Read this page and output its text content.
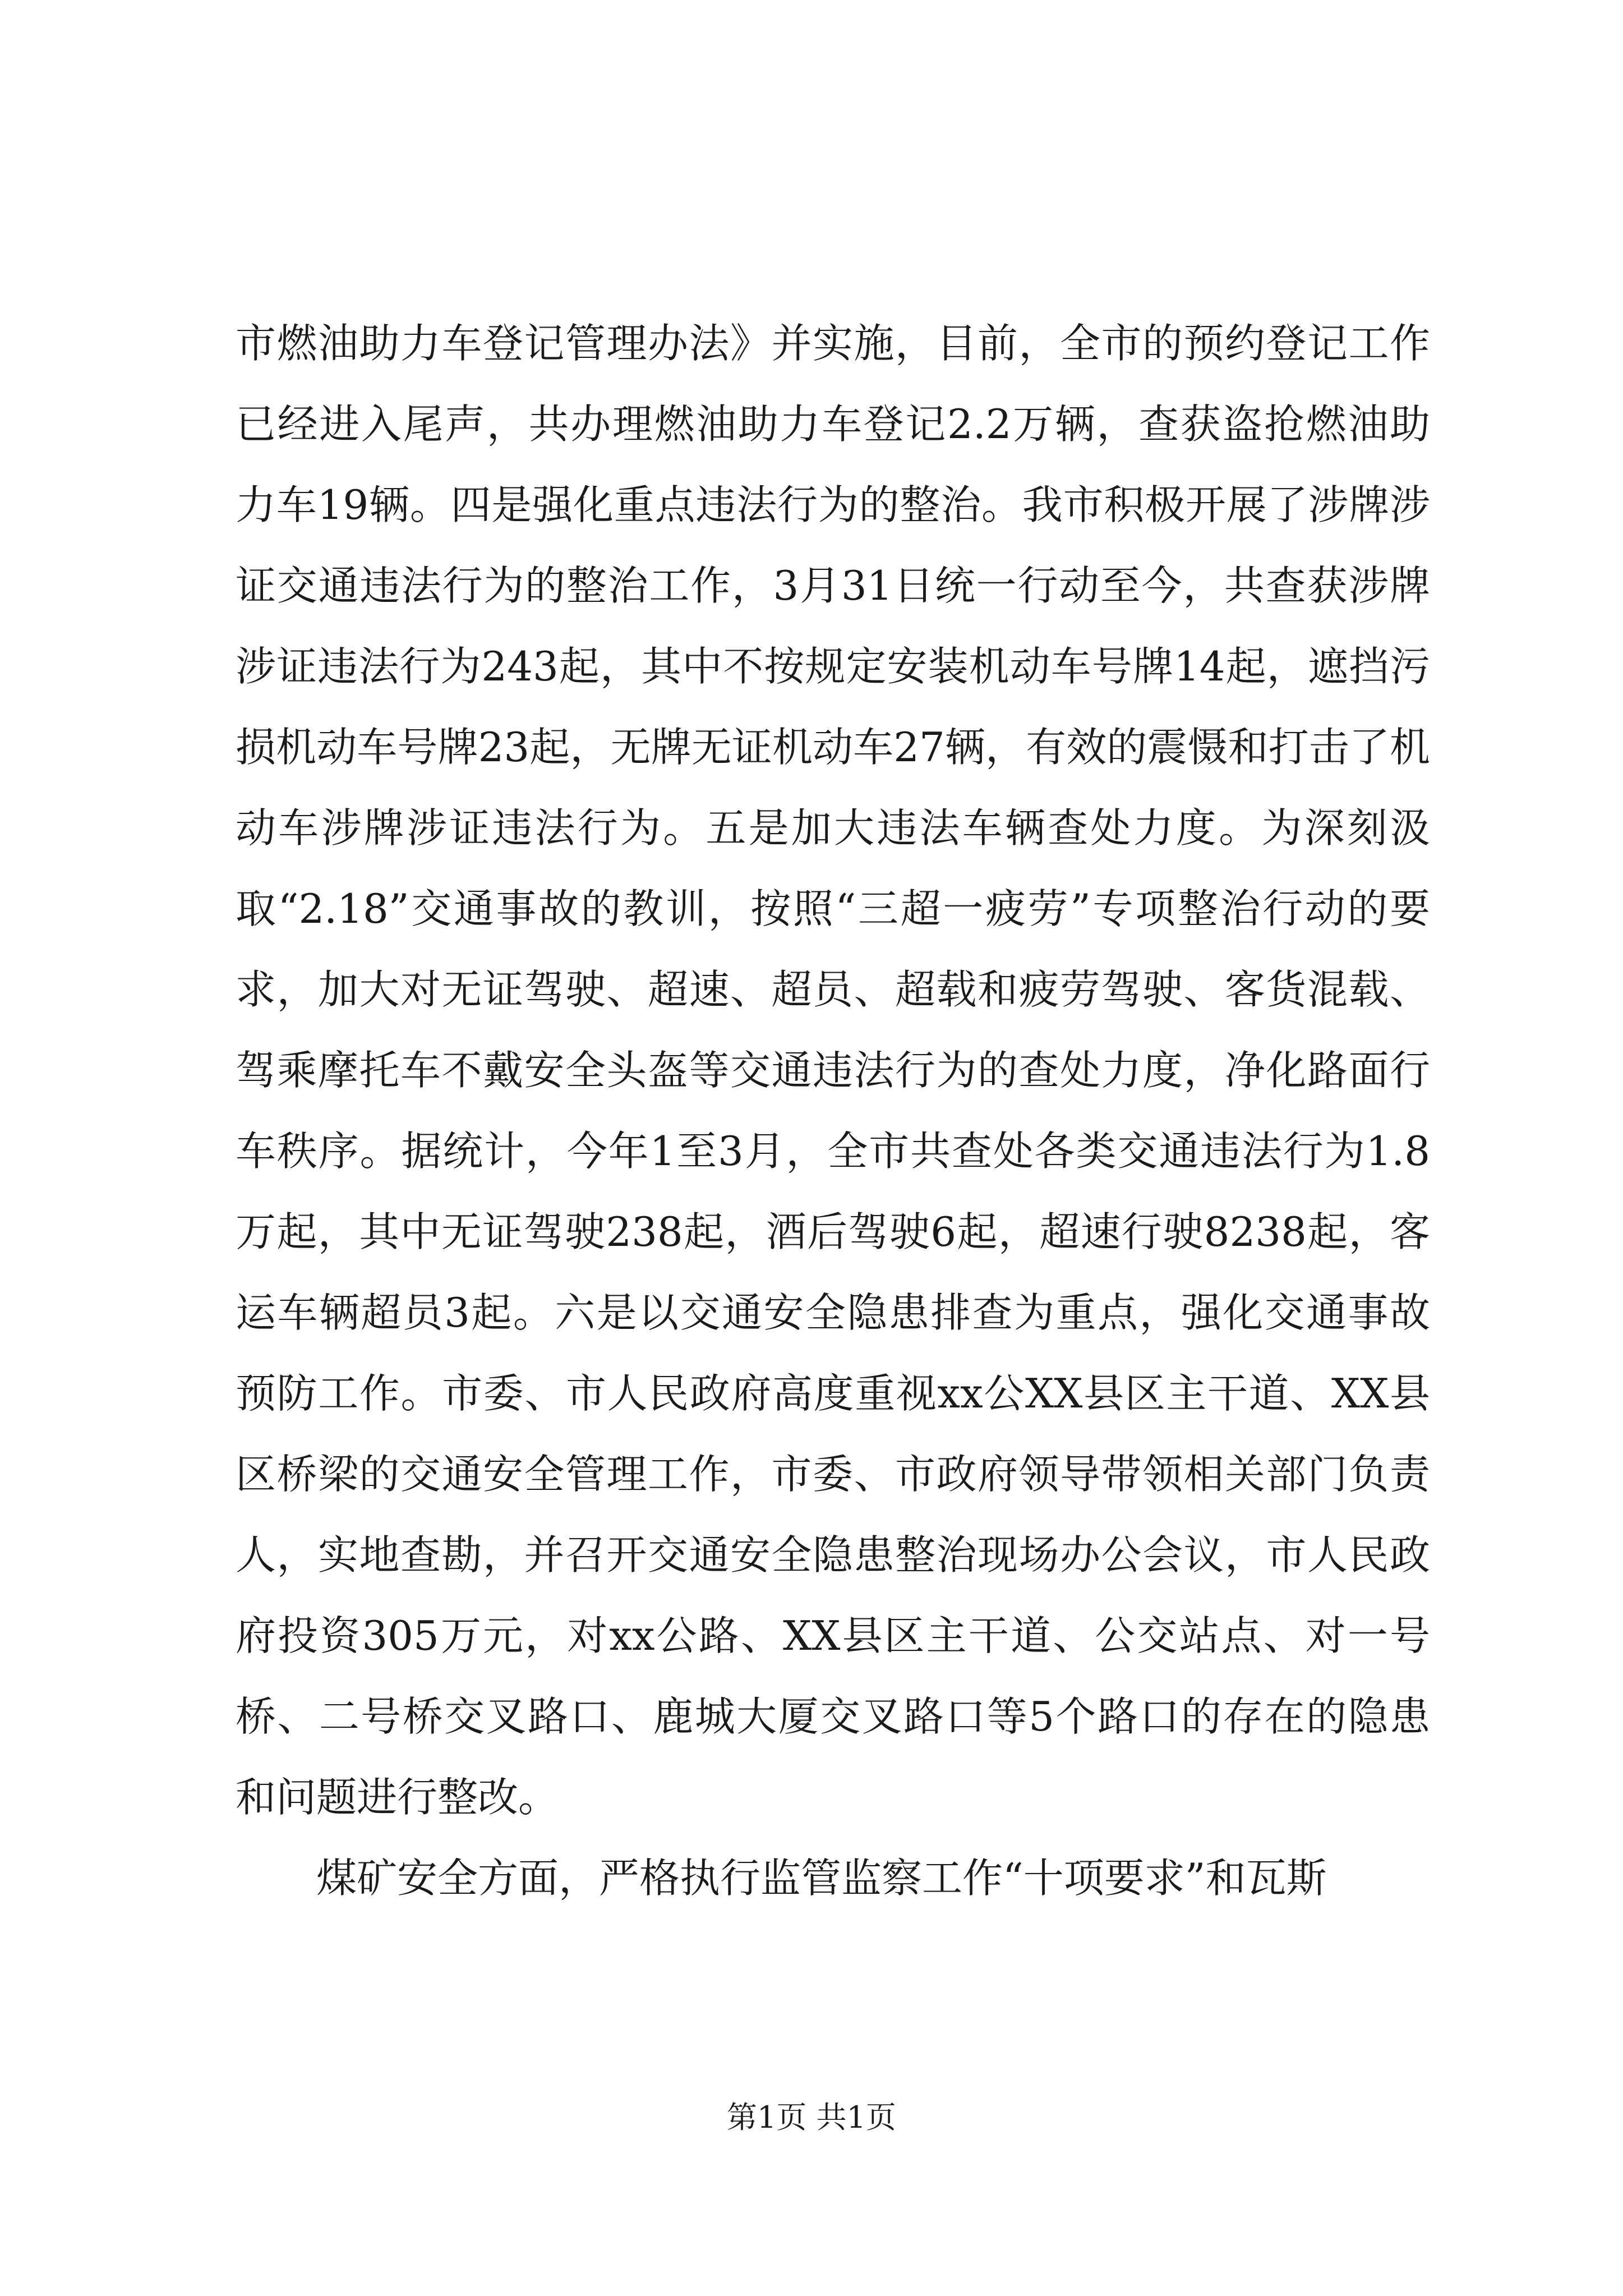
市燃油助力车登记管理办法》并实施，目前，全市的预约登记工作已经进入尾声，共办理燃油助力车登记2.2万辆，查获盗抢燃油助力车19辆。四是强化重点违法行为的整治。我市积极开展了涉牌涉证交通违法行为的整治工作，3月31日统一行动至今，共查获涉牌涉证违法行为243起，其中不按规定安装机动车号牌14起，遮挡污损机动车号牌23起，无牌无证机动车27辆，有效的震慑和打击了机动车涉牌涉证违法行为。五是加大违法车辆查处力度。为深刻汲取“2.18”交通事故的教训，按照“三超一疲劳”专项整治行动的要求，加大对无证驾驶、超速、超员、超载和疲劳驾驶、客货混载、驾乘摩托车不戴安全头盔等交通违法行为的查处力度，净化路面行车秩序。据统计，今年1至3月，全市共查处各类交通违法行为1.8万起，其中无证驾驶238起，酒后驾驶6起，超速行驶8238起，客运车辆超员3起。六是以交通安全隐患排查为重点，强化交通事故预防工作。市委、市人民政府高度重视xx公XX县区主干道、XX县区桥梁的交通安全管理工作，市委、市政府领导带领相关部门负责人，实地查勘，并召开交通安全隐患整治现场办公会议，市人民政府投资305万元，对xx公路、XX县区主干道、公交站点、对一号桥、二号桥交叉路口、鹿城大厦交叉路口等5个路口的存在的隐患和问题进行整改。

煤矿安全方面，严格执行监管监察工作“十项要求”和瓦斯

第1页 共1页
